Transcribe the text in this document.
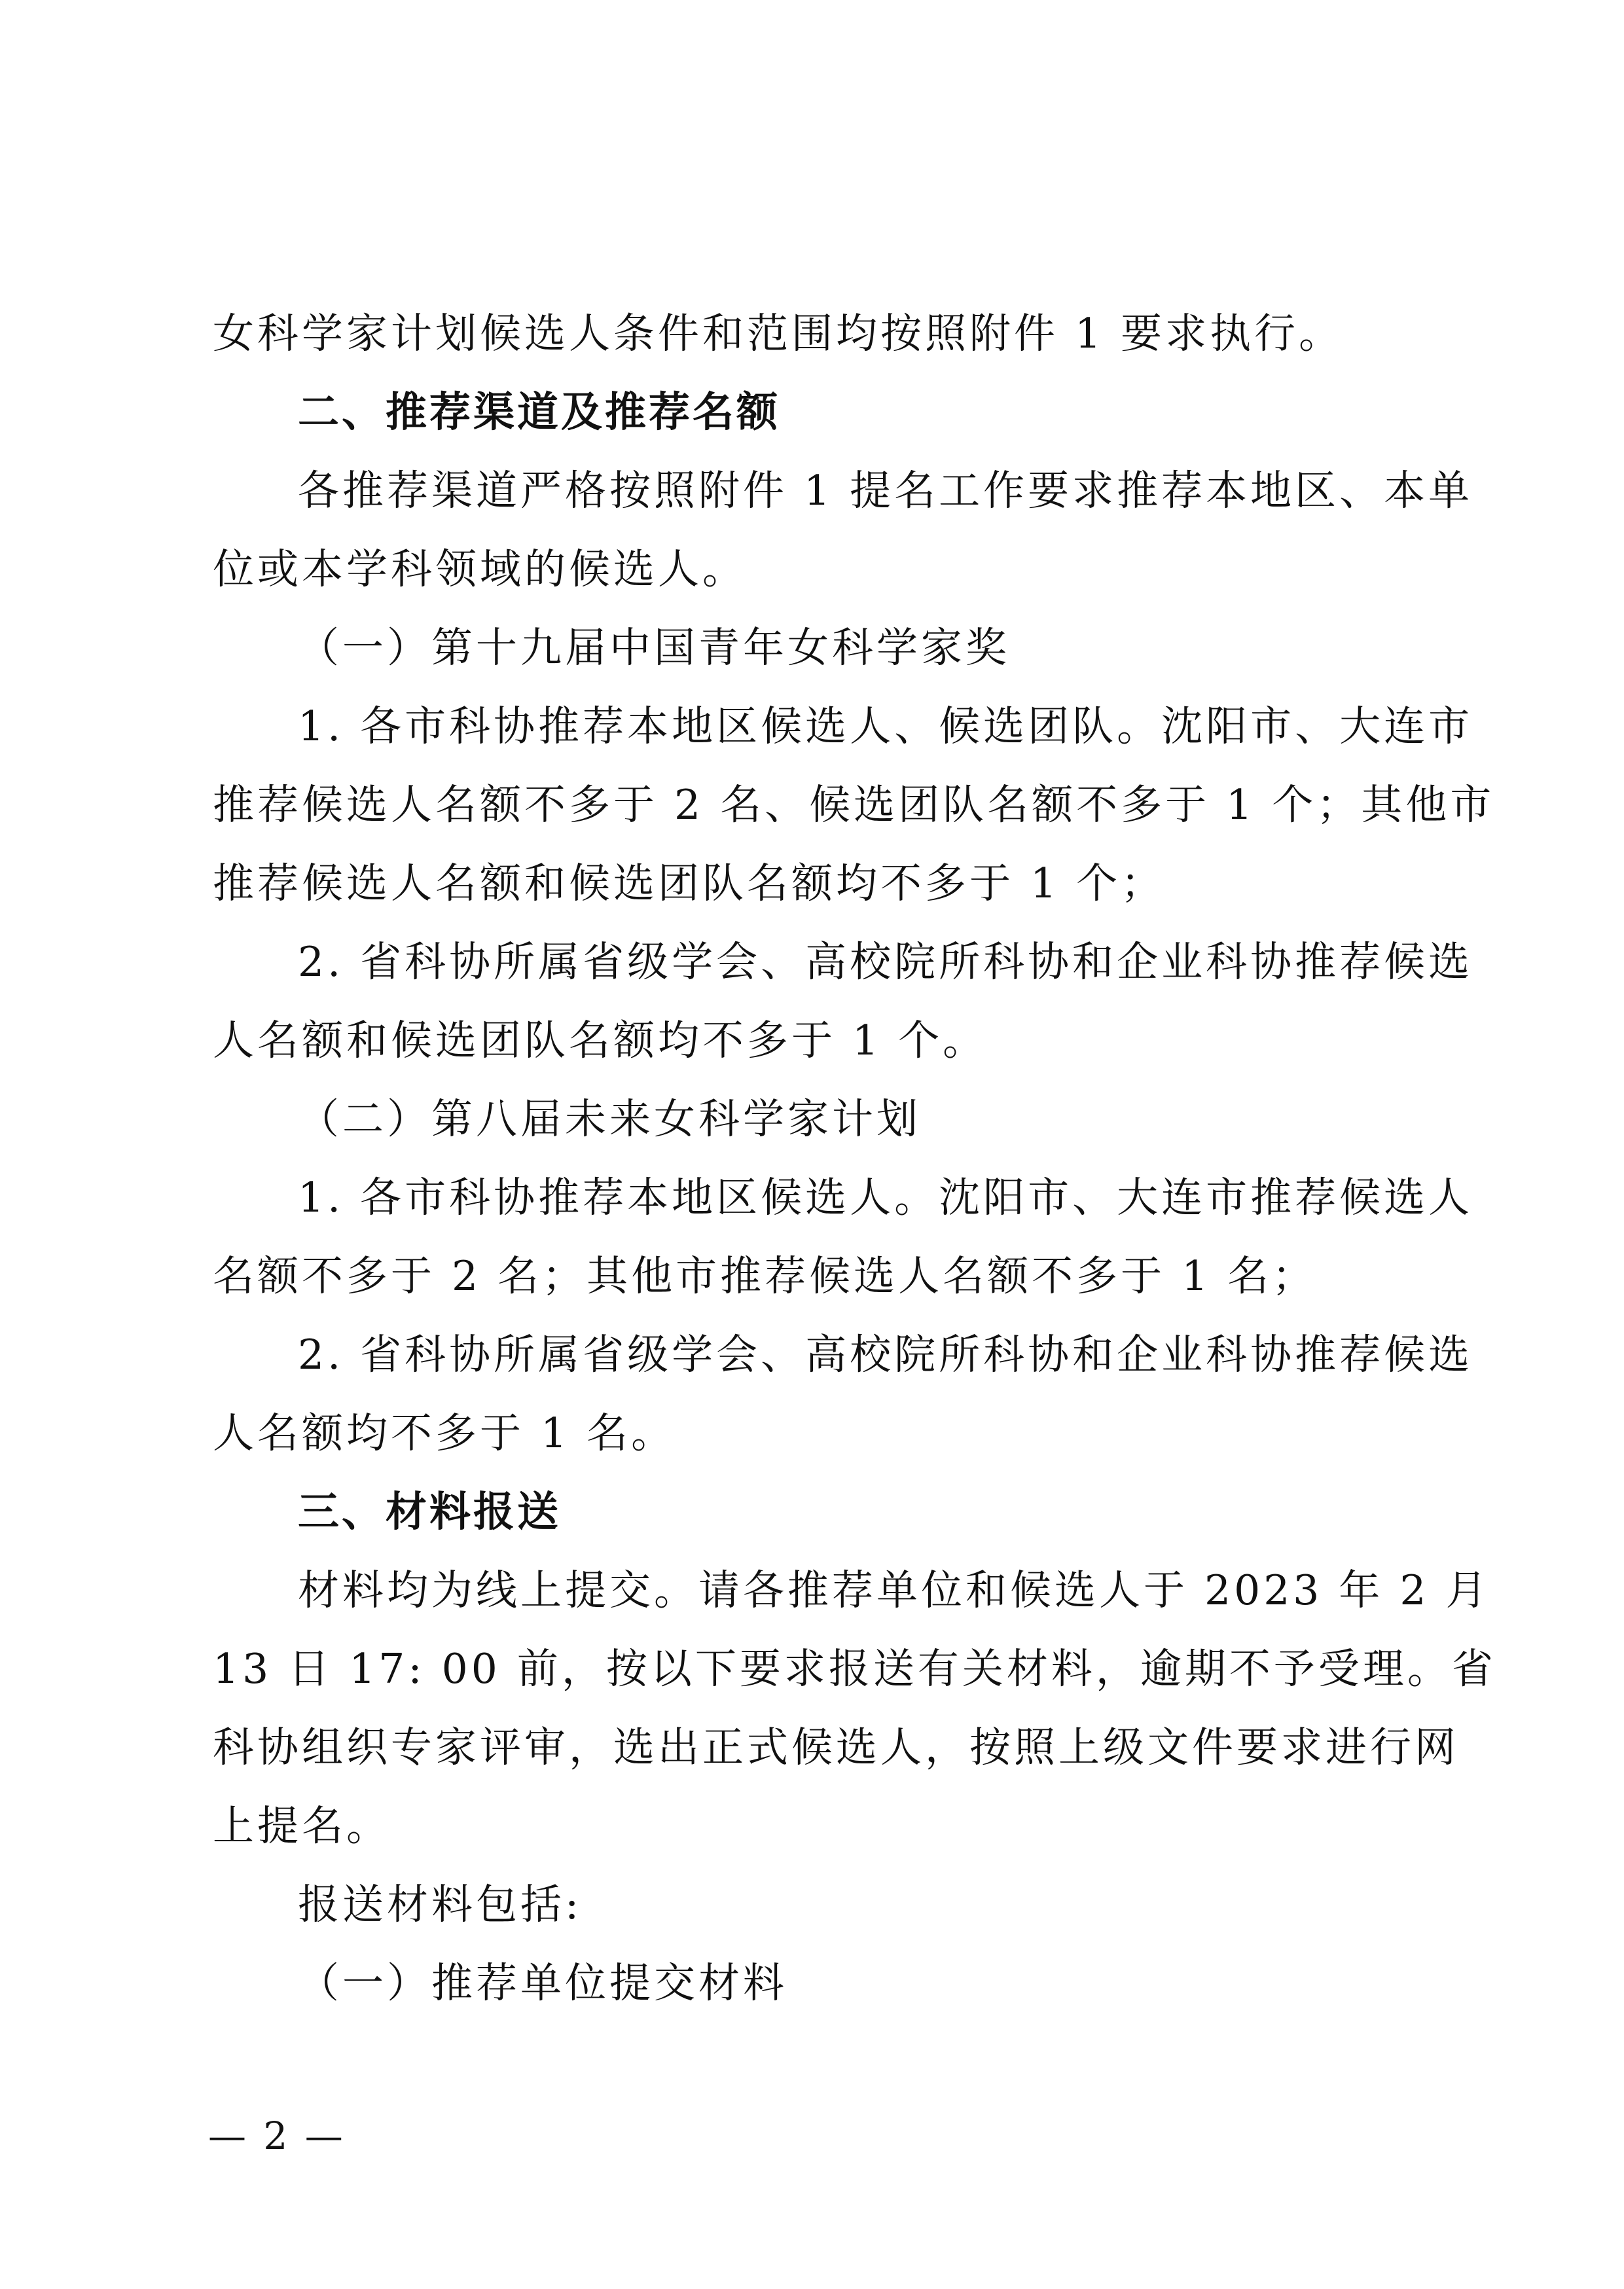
女科学家计划候选人条件和范围均按照附件 1 要求执行。
二、推荐渠道及推荐名额
各推荐渠道严格按照附件 1 提名工作要求推荐本地区、本单
位或本学科领域的候选人。
（一）第十九届中国青年女科学家奖
1. 各市科协推荐本地区候选人、候选团队。沈阳市、大连市
推荐候选人名额不多于 2 名、候选团队名额不多于 1 个；其他市
推荐候选人名额和候选团队名额均不多于 1 个；
2. 省科协所属省级学会、高校院所科协和企业科协推荐候选
人名额和候选团队名额均不多于 1 个。
（二）第八届未来女科学家计划
1. 各市科协推荐本地区候选人。沈阳市、大连市推荐候选人
名额不多于 2 名；其他市推荐候选人名额不多于 1 名；
2. 省科协所属省级学会、高校院所科协和企业科协推荐候选
人名额均不多于 1 名。
三、材料报送
材料均为线上提交。请各推荐单位和候选人于 2023 年 2 月
13 日 17: 00 前，按以下要求报送有关材料，逾期不予受理。省
科协组织专家评审，选出正式候选人，按照上级文件要求进行网
上提名。
报送材料包括:
（一）推荐单位提交材料
— 2 —
